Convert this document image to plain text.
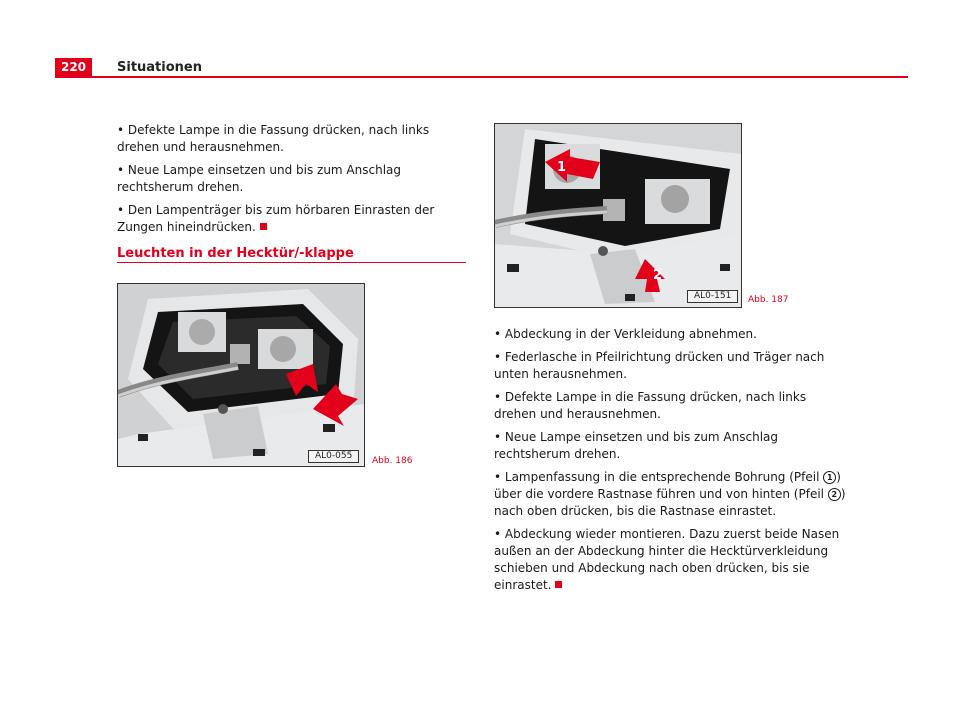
220	Situationen

• Defekte Lampe in die Fassung drücken, nach links drehen und herausnehmen.

• Neue Lampe einsetzen und bis zum Anschlag rechtsherum drehen.

• Den Lampenträger bis zum hörbaren Einrasten der Zungen hineindrücken.

Leuchten in der Hecktür/-klappe
AL0-055	Abb. 186
1
2
AL0-151	Abb. 187

• Abdeckung in der Verkleidung abnehmen.

• Federlasche in Pfeilrichtung drücken und Träger nach unten herausnehmen.

• Defekte Lampe in die Fassung drücken, nach links drehen und herausnehmen.

• Neue Lampe einsetzen und bis zum Anschlag rechtsherum drehen.

• Lampenfassung in die entsprechende Bohrung (Pfeil 1 ) über die vordere Rastnase führen und von hinten (Pfeil 2 ) nach oben drücken, bis die Rastnase einrastet.

• Abdeckung wieder montieren. Dazu zuerst beide Nasen außen an der Abdeckung hinter die Hecktürverkleidung schieben und Abdeckung nach oben drücken, bis sie einrastet.
